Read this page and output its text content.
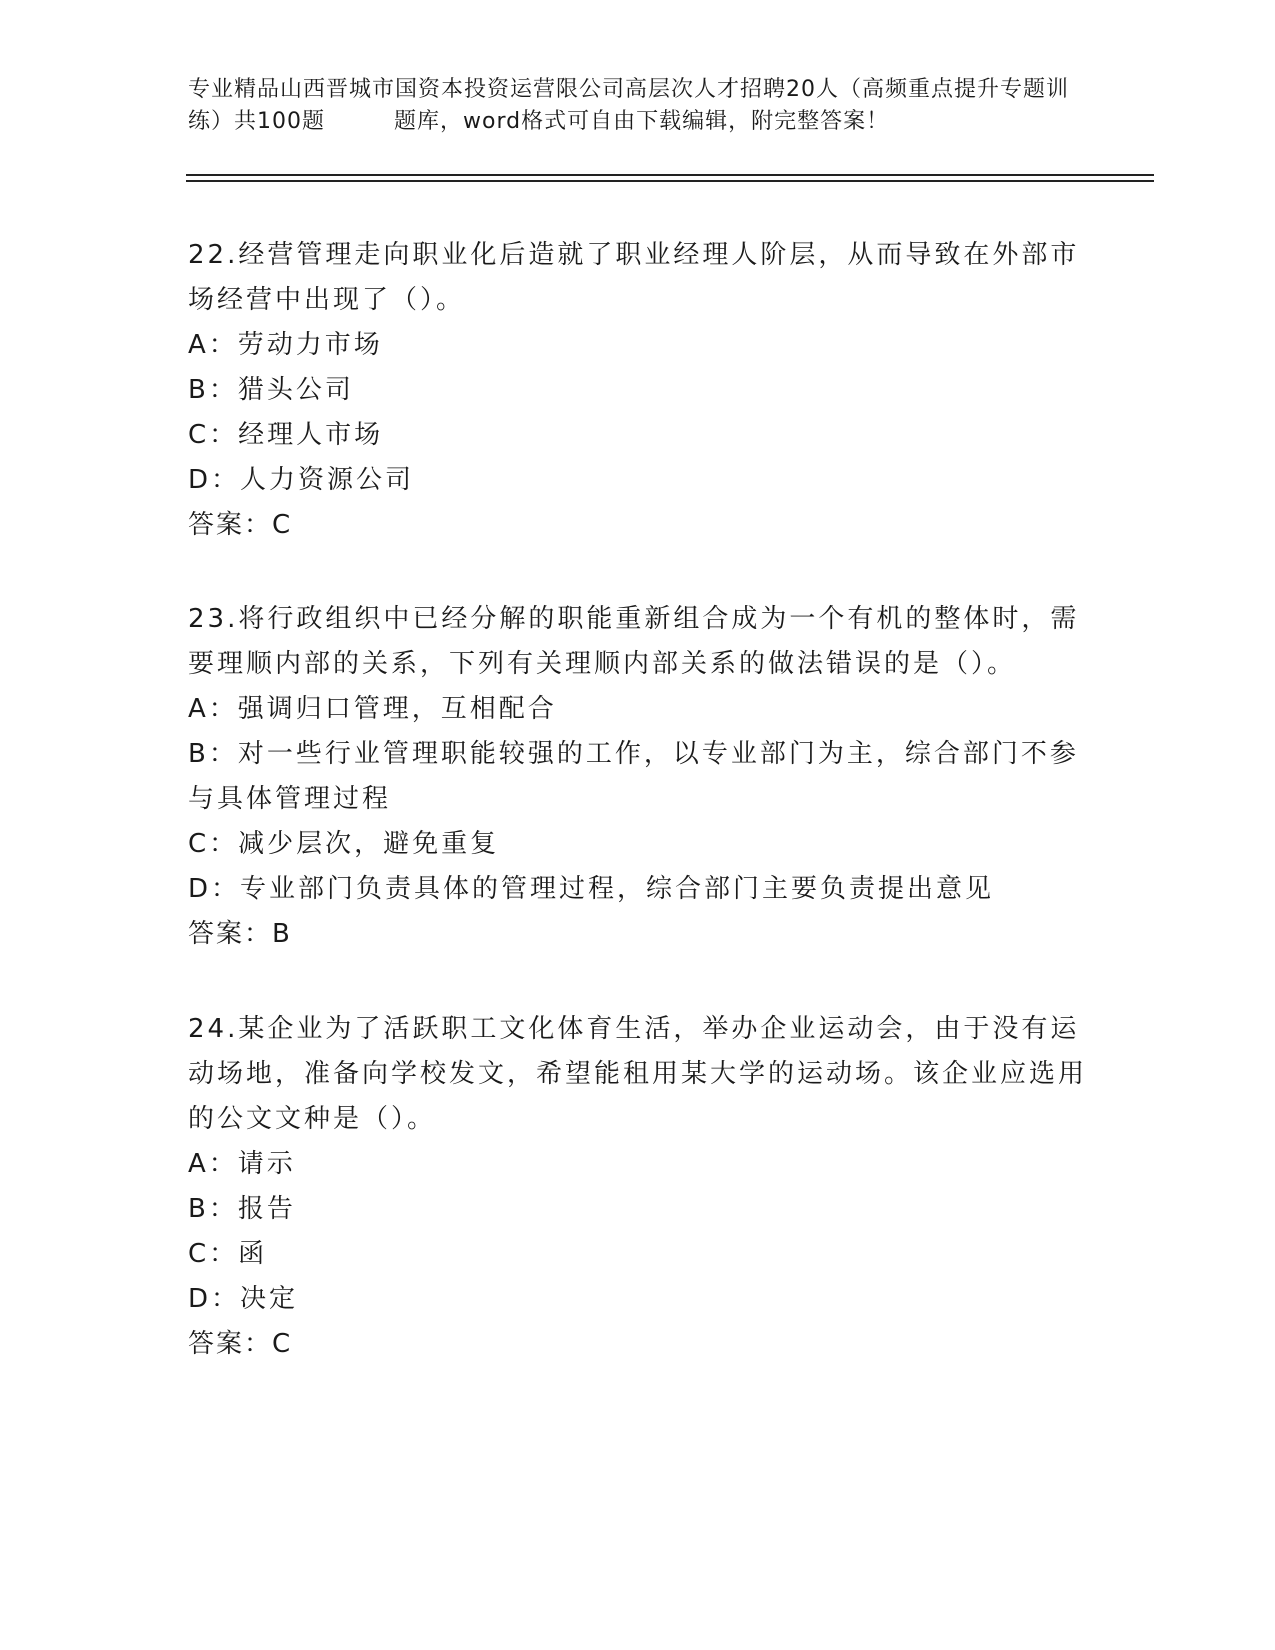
专业精品山西晋城市国资本投资运营限公司高层次人才招聘20人（高频重点提升专题训练）共100题　　　题库，word格式可自由下载编辑，附完整答案！

22.经营管理走向职业化后造就了职业经理人阶层，从而导致在外部市场经营中出现了（）。

A：劳动力市场

B：猎头公司

C：经理人市场

D：人力资源公司

答案：C

23.将行政组织中已经分解的职能重新组合成为一个有机的整体时，需要理顺内部的关系，下列有关理顺内部关系的做法错误的是（）。

A：强调归口管理，互相配合

B：对一些行业管理职能较强的工作，以专业部门为主，综合部门不参与具体管理过程

C：减少层次，避免重复

D：专业部门负责具体的管理过程，综合部门主要负责提出意见

答案：B

24.某企业为了活跃职工文化体育生活，举办企业运动会，由于没有运动场地，准备向学校发文，希望能租用某大学的运动场。该企业应选用的公文文种是（）。

A：请示

B：报告

C：函

D：决定

答案：C
